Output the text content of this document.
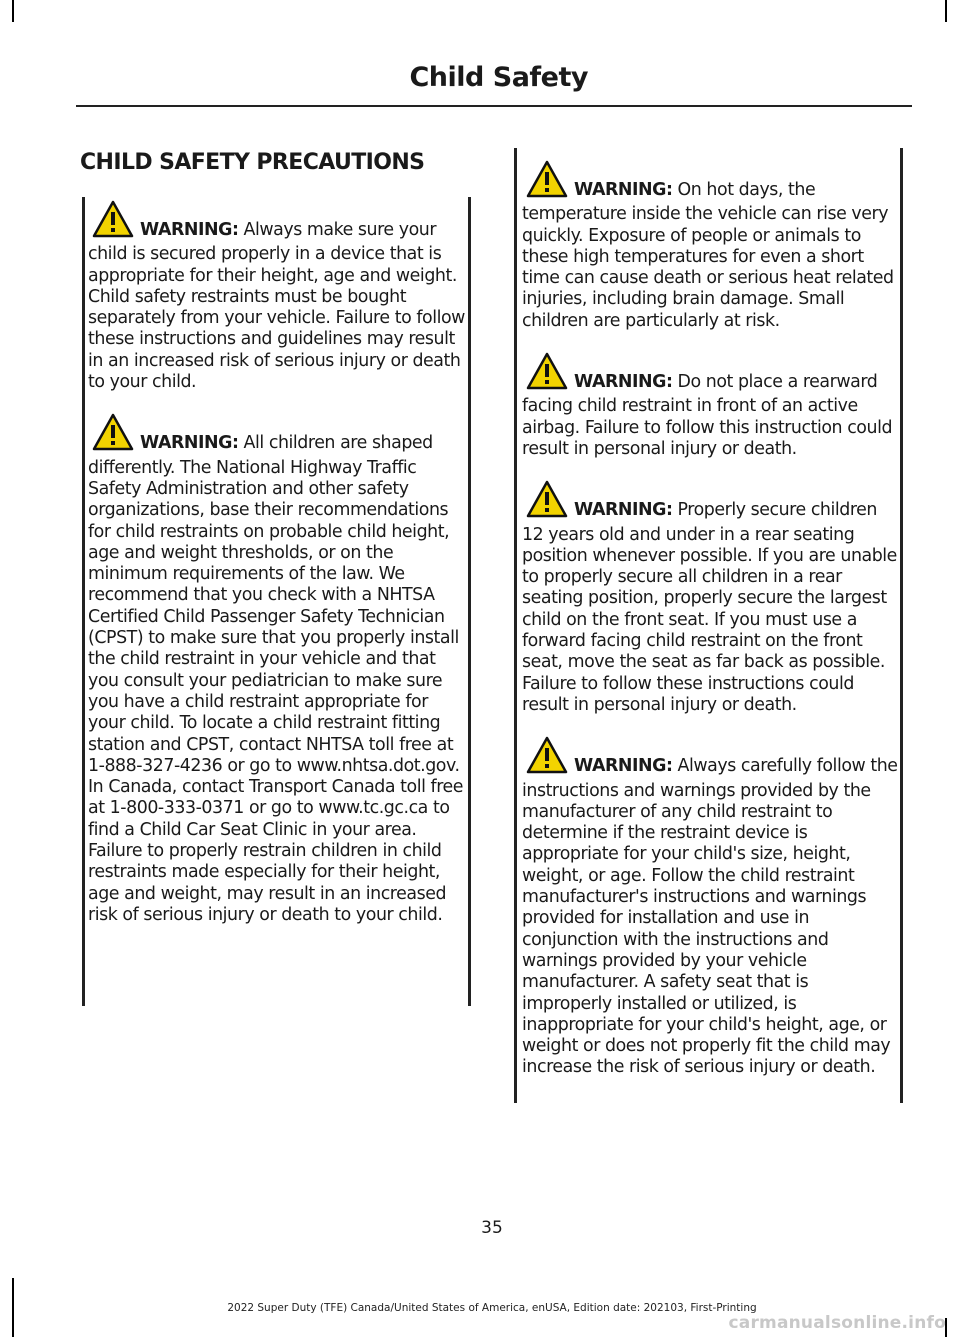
Child Safety
CHILD SAFETY PRECAUTIONS

WARNING: Always make sure your child is secured properly in a device that is appropriate for their height, age and weight. Child safety restraints must be bought separately from your vehicle. Failure to follow these instructions and guidelines may result in an increased risk of serious injury or death to your child.

WARNING: All children are shaped differently. The National Highway Traffic Safety Administration and other safety organizations, base their recommendations for child restraints on probable child height, age and weight thresholds, or on the minimum requirements of the law. We recommend that you check with a NHTSA Certified Child Passenger Safety Technician (CPST) to make sure that you properly install the child restraint in your vehicle and that you consult your pediatrician to make sure you have a child restraint appropriate for your child. To locate a child restraint fitting station and CPST, contact NHTSA toll free at 1-888-327-4236 or go to www.nhtsa.dot.gov. In Canada, contact Transport Canada toll free at 1-800-333-0371 or go to www.tc.gc.ca to find a Child Car Seat Clinic in your area. Failure to properly restrain children in child restraints made especially for their height, age and weight, may result in an increased risk of serious injury or death to your child.

WARNING: On hot days, the temperature inside the vehicle can rise very quickly. Exposure of people or animals to these high temperatures for even a short time can cause death or serious heat related injuries, including brain damage. Small children are particularly at risk.

WARNING: Do not place a rearward facing child restraint in front of an active airbag. Failure to follow this instruction could result in personal injury or death.

WARNING: Properly secure children 12 years old and under in a rear seating position whenever possible. If you are unable to properly secure all children in a rear seating position, properly secure the largest child on the front seat. If you must use a forward facing child restraint on the front seat, move the seat as far back as possible. Failure to follow these instructions could result in personal injury or death.

WARNING: Always carefully follow the instructions and warnings provided by the manufacturer of any child restraint to determine if the restraint device is appropriate for your child's size, height, weight, or age. Follow the child restraint manufacturer's instructions and warnings provided for installation and use in conjunction with the instructions and warnings provided by your vehicle manufacturer. A safety seat that is improperly installed or utilized, is inappropriate for your child's height, age, or weight or does not properly fit the child may increase the risk of serious injury or death.

35
2022 Super Duty (TFE) Canada/United States of America, enUSA, Edition date: 202103, First-Printing
carmanualsonline.info
